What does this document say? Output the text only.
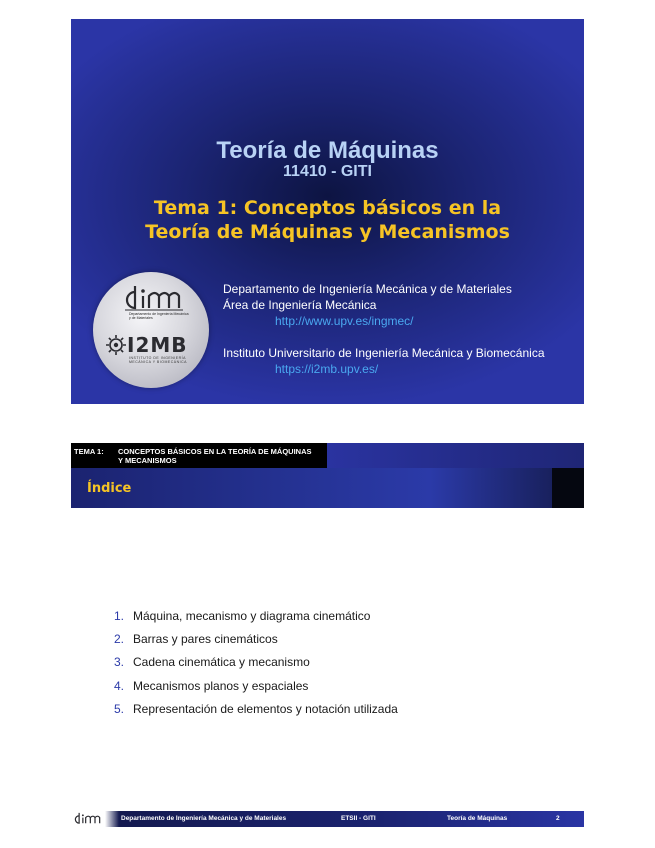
Teoría de Máquinas
11410 - GITI
Tema 1: Conceptos básicos en la
Teoría de Máquinas y Mecanismos
Departamento de Ingeniería Mecánica y de Materiales
I2MB
INSTITUTO DE INGENIERÍA MECÁNICA Y BIOMECÁNICA
Departamento de Ingeniería Mecánica y de Materiales
Área de Ingeniería Mecánica
http://www.upv.es/ingmec/
Instituto Universitario de Ingeniería Mecánica y Biomecánica
https://i2mb.upv.es/
TEMA 1: CONCEPTOS BÁSICOS EN LA TEORÍA DE MÁQUINAS Y MECANISMOS
Índice
1. Máquina, mecanismo y diagrama cinemático
2. Barras y pares cinemáticos
3. Cadena cinemática y mecanismo
4. Mecanismos planos y espaciales
5. Representación de elementos y notación utilizada
Departamento de Ingeniería Mecánica y de Materiales	ETSII - GITI	Teoría de Máquinas	2
